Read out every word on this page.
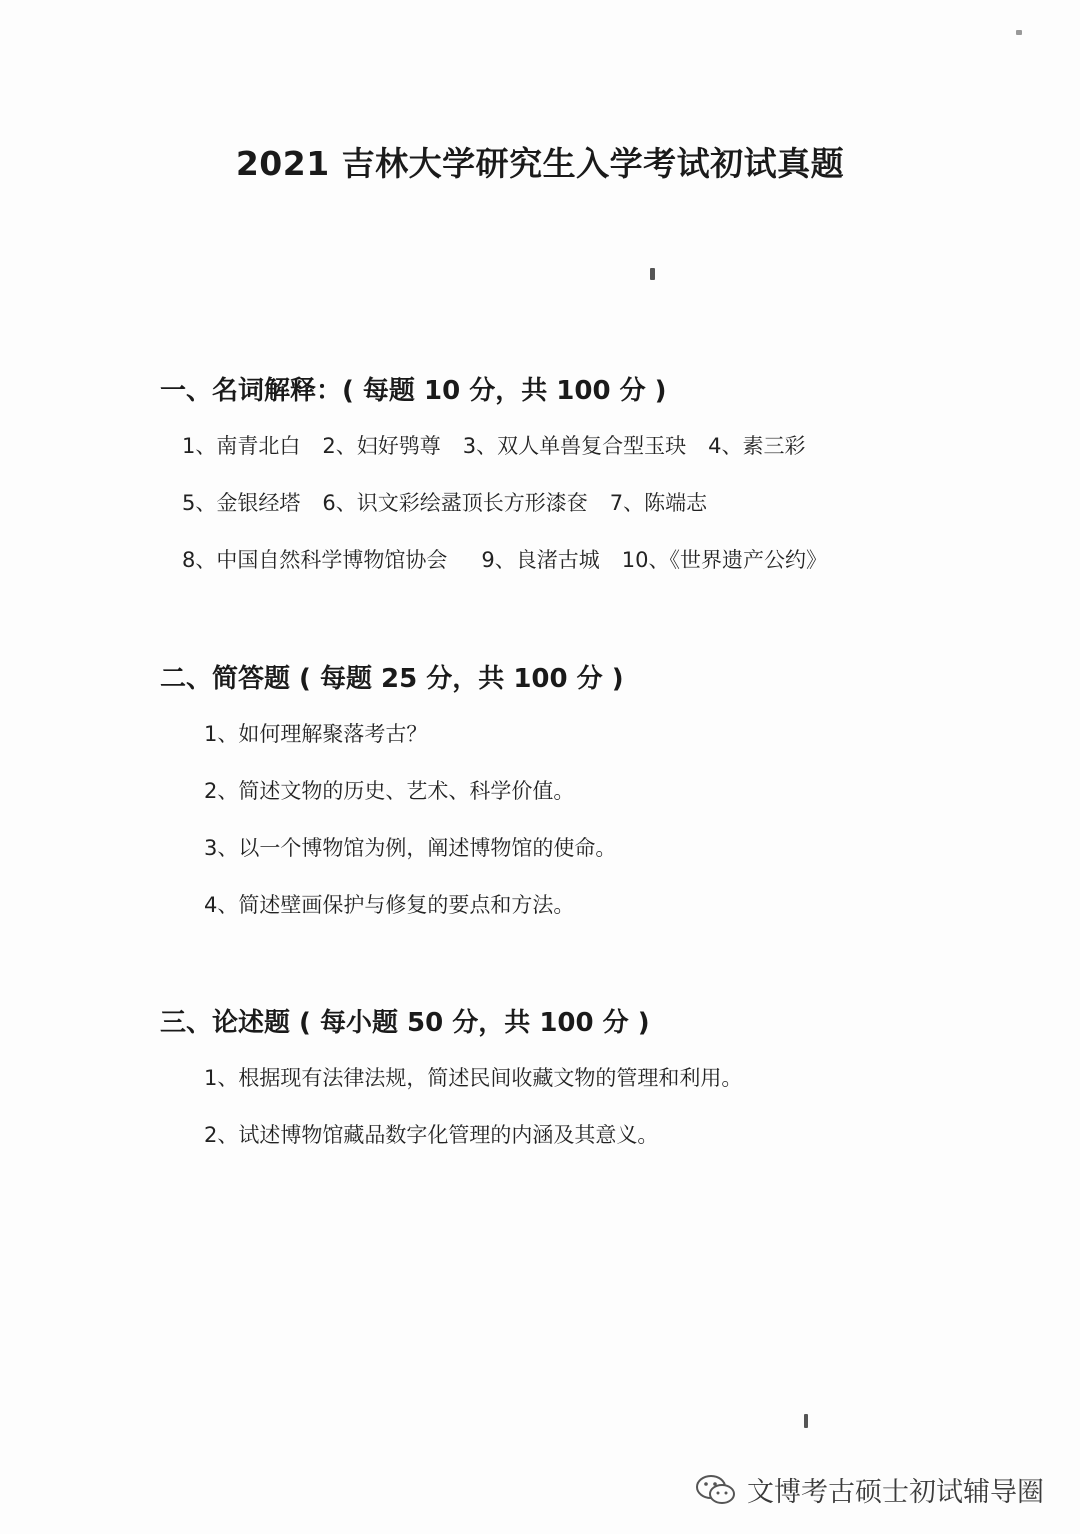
2021 吉林大学研究生入学考试初试真题
一、名词解释：( 每题 10 分，共 100 分 )
1、南青北白 2、妇好鸮尊 3、双人单兽复合型玉玦 4、素三彩
5、金银经塔 6、识文彩绘盝顶长方形漆奁 7、陈端志
8、中国自然科学博物馆协会 9、良渚古城 10、《世界遗产公约》
二、简答题 ( 每题 25 分，共 100 分 )
1、如何理解聚落考古？
2、简述文物的历史、艺术、科学价值。
3、以一个博物馆为例，阐述博物馆的使命。
4、简述壁画保护与修复的要点和方法。
三、论述题 ( 每小题 50 分，共 100 分 )
1、根据现有法律法规，简述民间收藏文物的管理和利用。
2、试述博物馆藏品数字化管理的内涵及其意义。
文博考古硕士初试辅导圈
